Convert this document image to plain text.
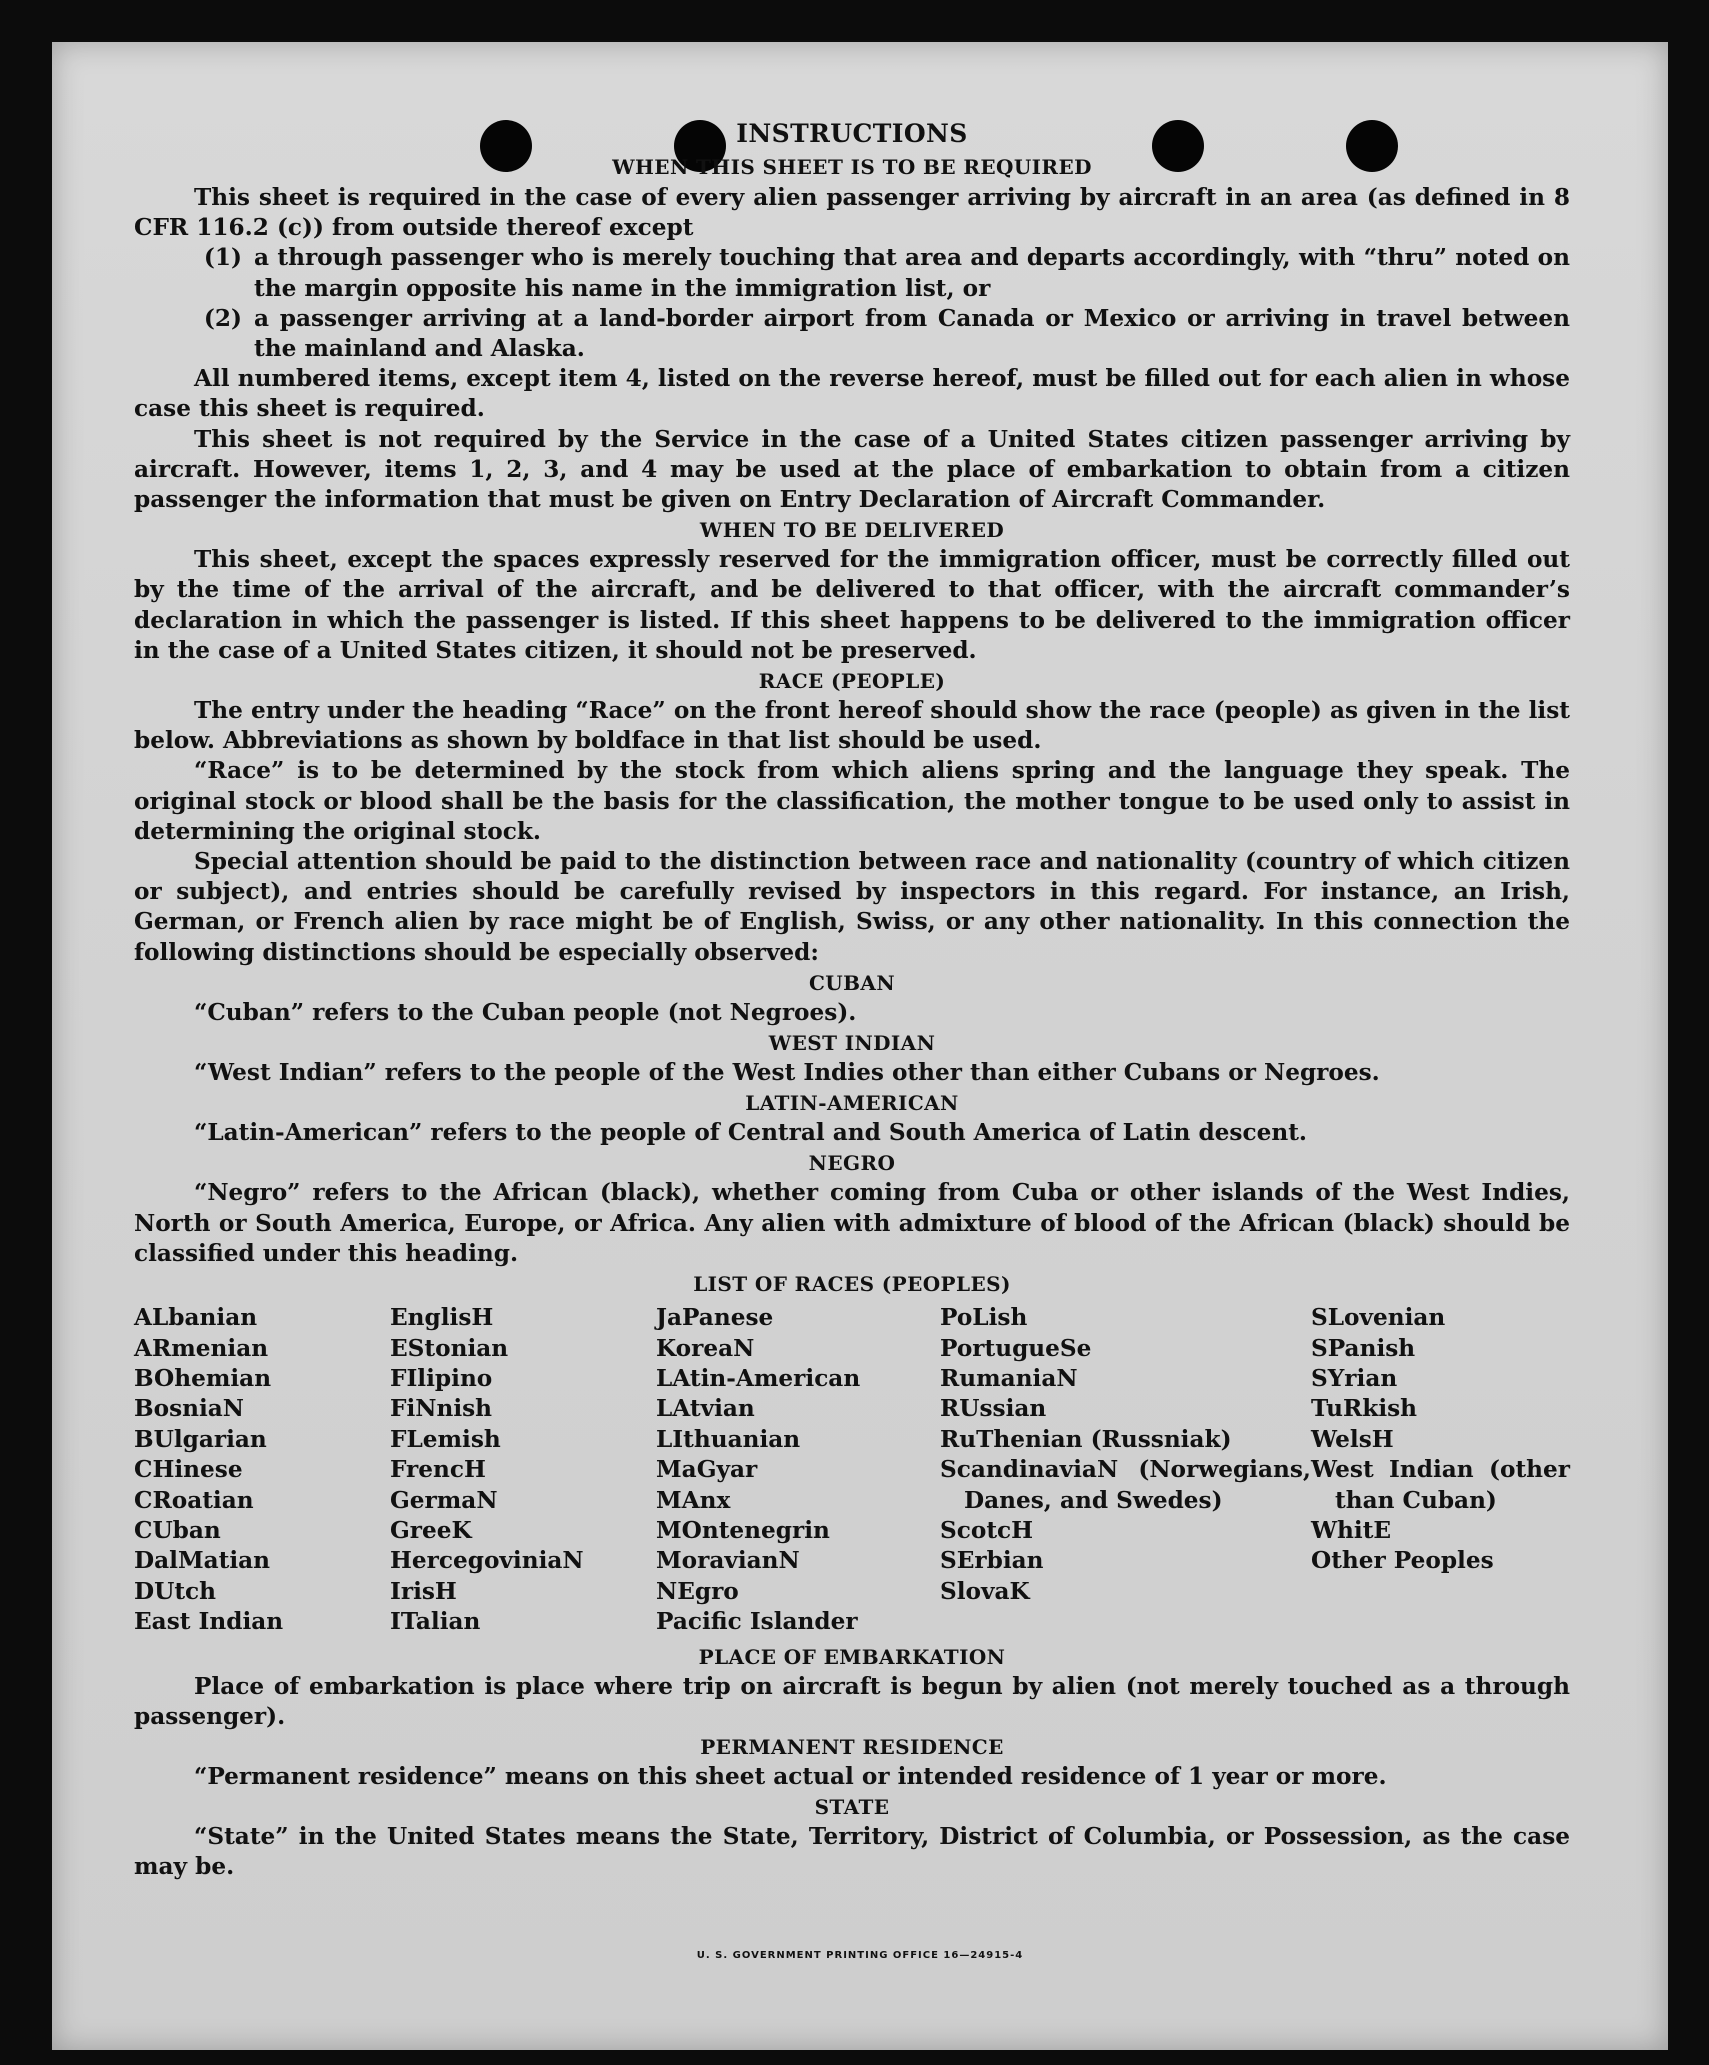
U. S. GOVERNMENT PRINTING OFFICE 16—24915-4
INSTRUCTIONS
WHEN THIS SHEET IS TO BE REQUIRED

This sheet is required in the case of every alien passenger arriving by aircraft in an area (as defined in 8 CFR 116.2 (c)) from outside thereof except

(1) a through passenger who is merely touching that area and departs accordingly, with “thru” noted on the margin opposite his name in the immigration list, or
(2) a passenger arriving at a land-border airport from Canada or Mexico or arriving in travel between the mainland and Alaska.

All numbered items, except item 4, listed on the reverse hereof, must be filled out for each alien in whose case this sheet is required.

This sheet is not required by the Service in the case of a United States citizen passenger arriving by aircraft. However, items 1, 2, 3, and 4 may be used at the place of embarkation to obtain from a citizen passenger the information that must be given on Entry Declaration of Aircraft Commander.

WHEN TO BE DELIVERED

This sheet, except the spaces expressly reserved for the immigration officer, must be correctly filled out by the time of the arrival of the aircraft, and be delivered to that officer, with the aircraft commander’s declaration in which the passenger is listed. If this sheet happens to be delivered to the immigration officer in the case of a United States citizen, it should not be preserved.

RACE (PEOPLE)

The entry under the heading “Race” on the front hereof should show the race (people) as given in the list below. Abbreviations as shown by boldface in that list should be used.

“Race” is to be determined by the stock from which aliens spring and the language they speak. The original stock or blood shall be the basis for the classification, the mother tongue to be used only to assist in determining the original stock.

Special attention should be paid to the distinction between race and nationality (country of which citizen or subject), and entries should be carefully revised by inspectors in this regard. For instance, an Irish, German, or French alien by race might be of English, Swiss, or any other nationality. In this connection the following distinctions should be especially observed:

CUBAN

“Cuban” refers to the Cuban people (not Negroes).

WEST INDIAN

“West Indian” refers to the people of the West Indies other than either Cubans or Negroes.

LATIN-AMERICAN

“Latin-American” refers to the people of Central and South America of Latin descent.

NEGRO

“Negro” refers to the African (black), whether coming from Cuba or other islands of the West Indies, North or South America, Europe, or Africa. Any alien with admixture of blood of the African (black) should be classified under this heading.

LIST OF RACES (PEOPLES)
ALbanian
ARmenian
BOhemian
BosniaN
BUlgarian
CHinese
CRoatian
CUban
DalMatian
DUtch
East Indian
EnglisH
EStonian
FIlipino
FiNnish
FLemish
FrencH
GermaN
GreeK
HercegoviniaN
IrisH
ITalian
JaPanese
KoreaN
LAtin-American
LAtvian
LIthuanian
MaGyar
MAnx
MOntenegrin
MoravianN
NEgro
Pacific Islander
PoLish
PortugueSe
RumaniaN
RUssian
RuThenian (Russniak)
ScandinaviaN (Norwegians, Danes, and Swedes)
ScotcH
SErbian
SlovaK
SLovenian
SPanish
SYrian
TuRkish
WelsH
West Indian (other than Cuban)
WhitE
Other Peoples
PLACE OF EMBARKATION

Place of embarkation is place where trip on aircraft is begun by alien (not merely touched as a through passenger).

PERMANENT RESIDENCE

“Permanent residence” means on this sheet actual or intended residence of 1 year or more.

STATE

“State” in the United States means the State, Territory, District of Columbia, or Possession, as the case may be.
